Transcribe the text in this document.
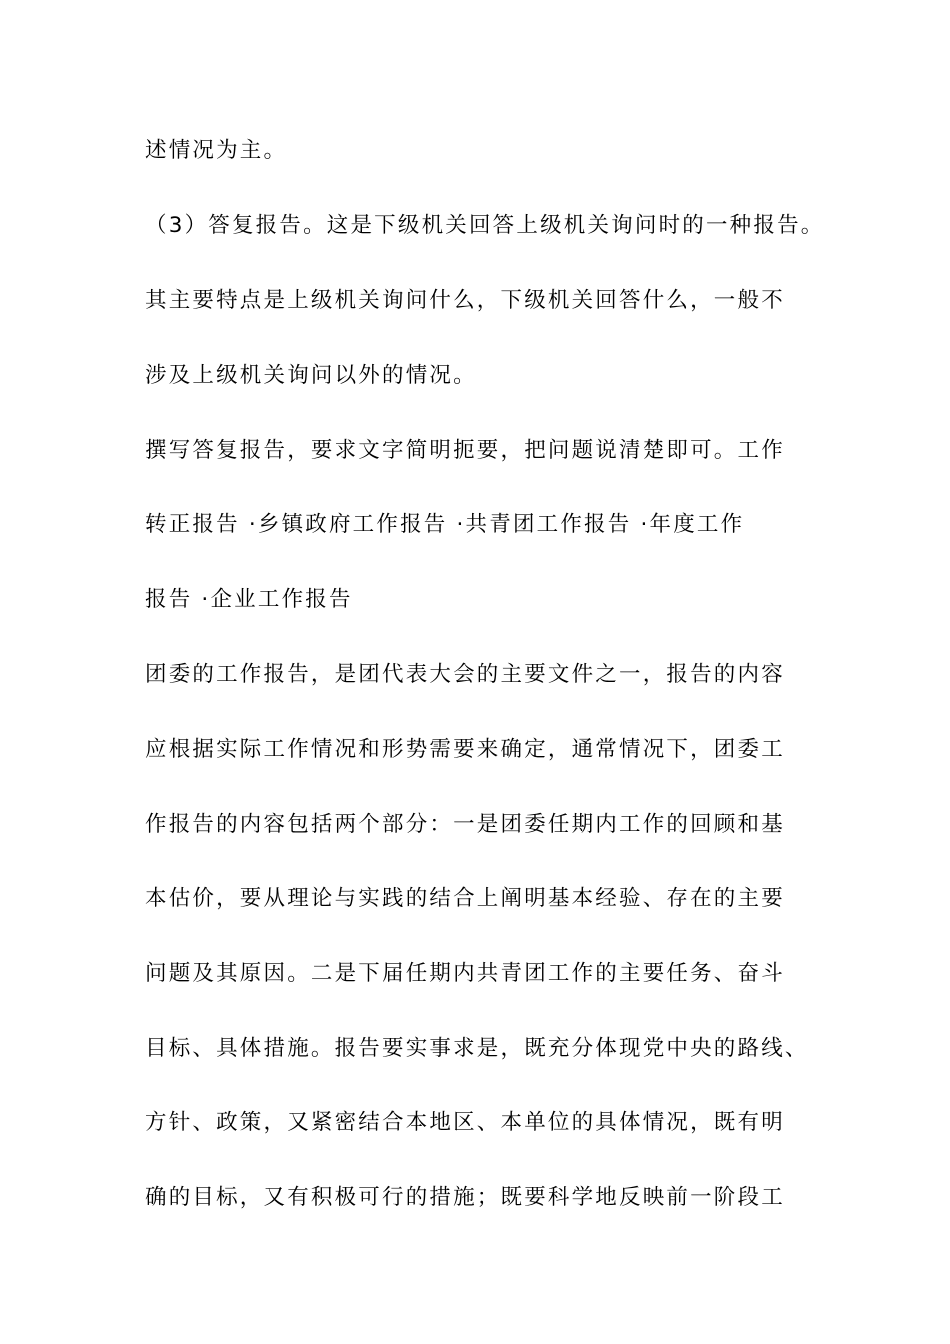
述情况为主。
（3）答复报告。这是下级机关回答上级机关询问时的一种报告。
其主要特点是上级机关询问什么，下级机关回答什么，一般不
涉及上级机关询问以外的情况。
撰写答复报告，要求文字简明扼要，把问题说清楚即可。工作
转正报告 ·乡镇政府工作报告 ·共青团工作报告 ·年度工作
报告 ·企业工作报告
团委的工作报告，是团代表大会的主要文件之一，报告的内容
应根据实际工作情况和形势需要来确定，通常情况下，团委工
作报告的内容包括两个部分：一是团委任期内工作的回顾和基
本估价，要从理论与实践的结合上阐明基本经验、存在的主要
问题及其原因。二是下届任期内共青团工作的主要任务、奋斗
目标、具体措施。报告要实事求是，既充分体现党中央的路线、
方针、政策，又紧密结合本地区、本单位的具体情况，既有明
确的目标，又有积极可行的措施；既要科学地反映前一阶段工
